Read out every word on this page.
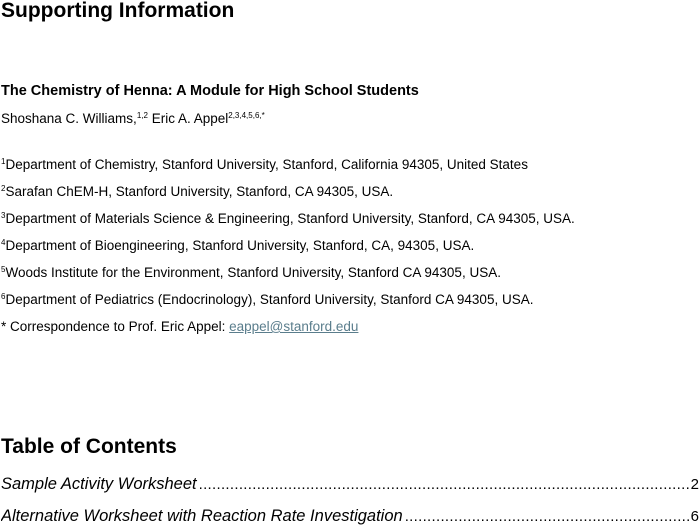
Supporting Information
The Chemistry of Henna: A Module for High School Students
Shoshana C. Williams,$^{1,2}$ Eric A. Appel$^{2,3,4,5,6,*}$
$^1$Department of Chemistry, Stanford University, Stanford, California 94305, United States
$^2$Sarafan ChEM-H, Stanford University, Stanford, CA 94305, USA.
$^3$Department of Materials Science & Engineering, Stanford University, Stanford, CA 94305, USA.
$^4$Department of Bioengineering, Stanford University, Stanford, CA, 94305, USA.
$^5$Woods Institute for the Environment, Stanford University, Stanford CA 94305, USA.
$^6$Department of Pediatrics (Endocrinology), Stanford University, Stanford CA 94305, USA.
* Correspondence to Prof. Eric Appel: eappel@stanford.edu
Table of Contents
Sample Activity Worksheet .....	2
Alternative Worksheet with Reaction Rate Investigation .....	6
